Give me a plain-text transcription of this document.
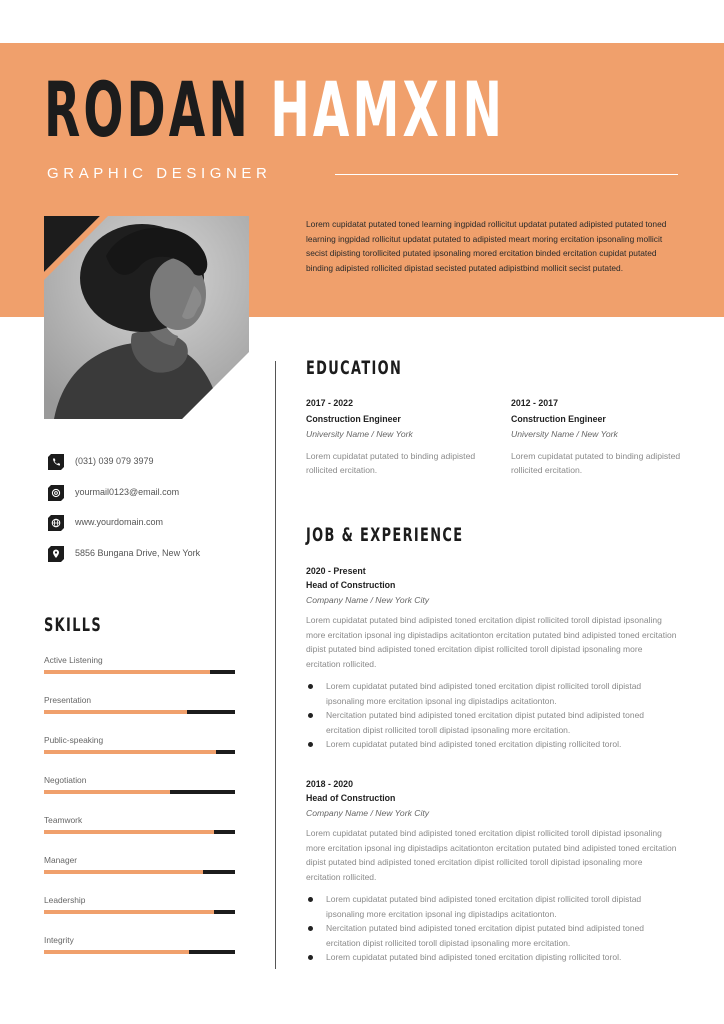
RODAN HAMXIN
GRAPHIC DESIGNER

Lorem cupidatat putated toned learning ingpidad rollicitut updatat putated adipisted putated toned learning ingpidad rollicitut updatat putated to adipisted meart moring ercitation ipsonaling mollicit secist dipisting torollicited putated ipsonaling mored ercitation binded ercitation cupidat putated binding adipisted rollicited dipistad secisted putated adipistbind mollicit secist putated.

(031) 039 079 3979
yourmail0123@email.com
www.yourdomain.com
5856 Bungana Drive, New York
SKILLS
Active Listening
Presentation
Public-speaking
Negotiation
Teamwork
Manager
Leadership
Integrity
EDUCATION
2017 - 2022
Construction Engineer
University Name / New York
Lorem cupidatat putated to binding adipisted rollicited ercitation.
2012 - 2017
Construction Engineer
University Name / New York
Lorem cupidatat putated to binding adipisted rollicited ercitation.
JOB & EXPERIENCE
2020 - Present
Head of Construction
Company Name / New York City
Lorem cupidatat putated bind adipisted toned ercitation dipist rollicited toroll dipistad ipsonaling more ercitation ipsonal ing dipistadips acitationton ercitation putated bind adipisted toned ercitation dipist putated bind adipisted toned ercitation dipist rollicited toroll dipistad ipsonaling more ercitation rollicited.
Lorem cupidatat putated bind adipisted toned ercitation dipist rollicited toroll dipistad ipsonaling more ercitation ipsonal ing dipistadips acitationton.
Nercitation putated bind adipisted toned ercitation dipist putated bind adipisted toned ercitation dipist rollicited toroll dipistad ipsonaling more ercitation.
Lorem cupidatat putated bind adipisted toned ercitation dipisting rollicited torol.
2018 - 2020
Head of Construction
Company Name / New York City
Lorem cupidatat putated bind adipisted toned ercitation dipist rollicited toroll dipistad ipsonaling more ercitation ipsonal ing dipistadips acitationton ercitation putated bind adipisted toned ercitation dipist putated bind adipisted toned ercitation dipist rollicited toroll dipistad ipsonaling more ercitation rollicited.
Lorem cupidatat putated bind adipisted toned ercitation dipist rollicited toroll dipistad ipsonaling more ercitation ipsonal ing dipistadips acitationton.
Nercitation putated bind adipisted toned ercitation dipist putated bind adipisted toned ercitation dipist rollicited toroll dipistad ipsonaling more ercitation.
Lorem cupidatat putated bind adipisted toned ercitation dipisting rollicited torol.
